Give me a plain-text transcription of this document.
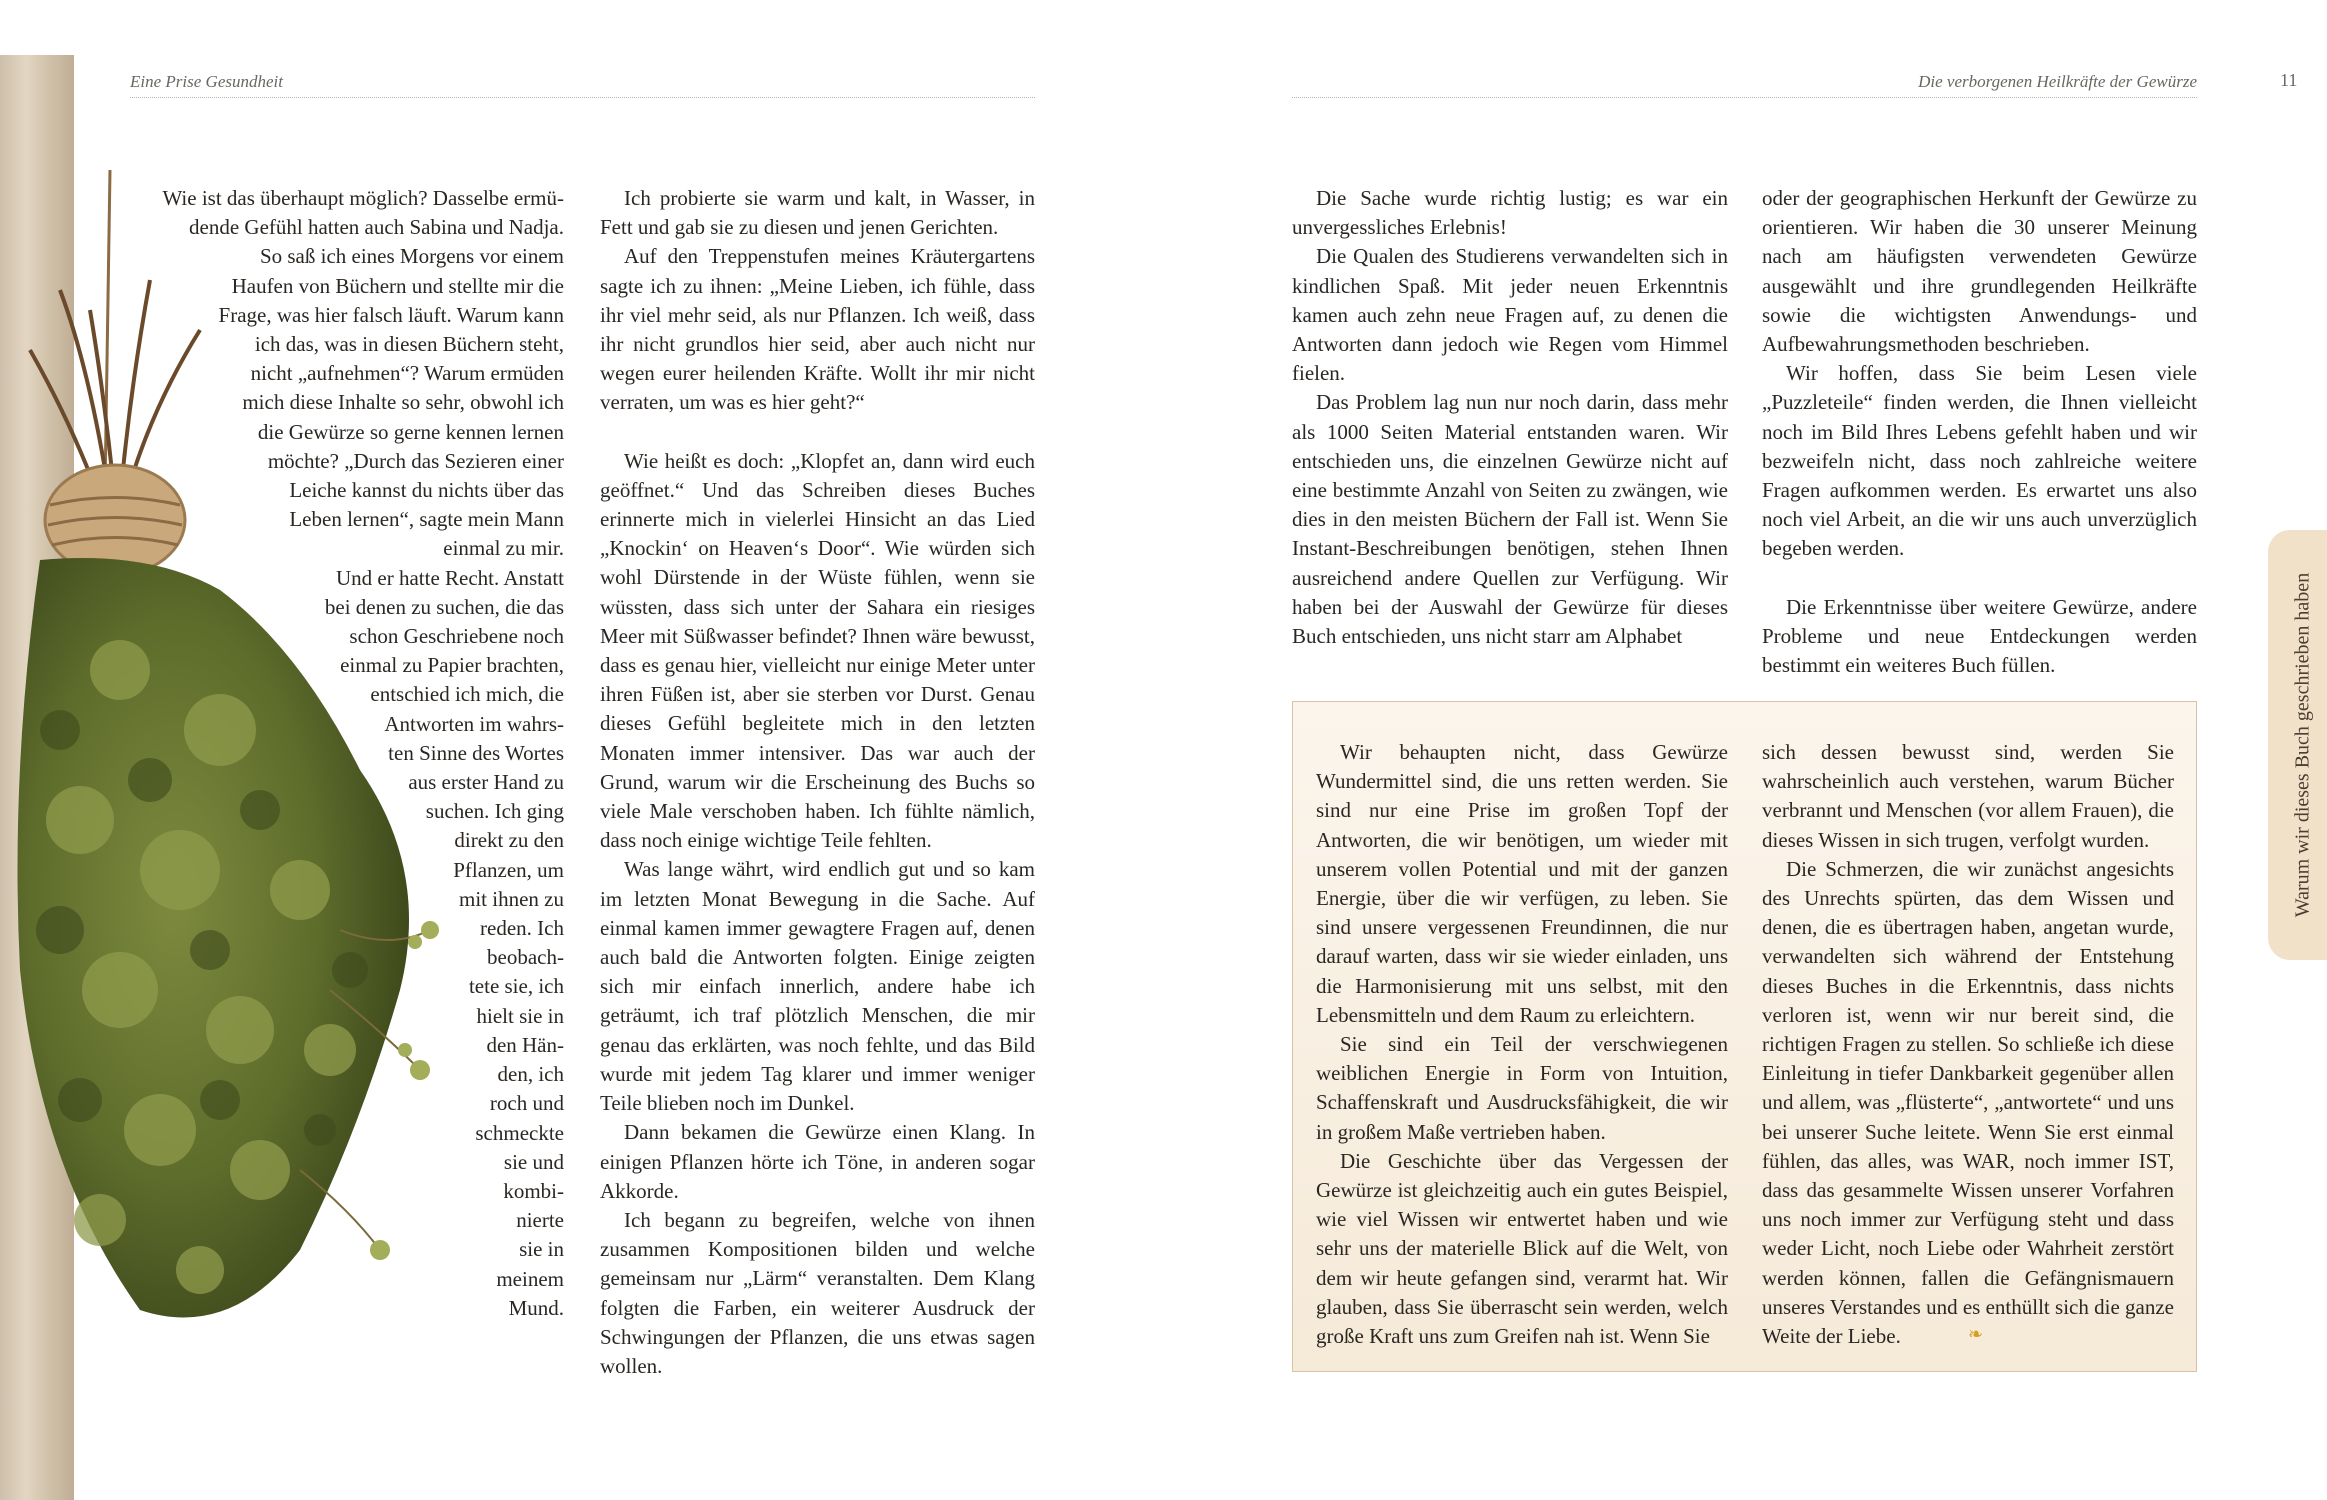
Eine Prise Gesundheit

Wie ist das überhaupt möglich? Dasselbe ermü-

dende Gefühl hatten auch Sabina und Nadja.

So saß ich eines Morgens vor einem

Haufen von Büchern und stellte mir die

Frage, was hier falsch läuft. Warum kann

ich das, was in diesen Büchern steht,

nicht „aufnehmen“? Warum ermüden

mich diese Inhalte so sehr, obwohl ich

die Gewürze so gerne kennen lernen

möchte? „Durch das Sezieren einer

Leiche kannst du nichts über das

Leben lernen“, sagte mein Mann

einmal zu mir.

Und er hatte Recht. Anstatt

bei denen zu suchen, die das

schon Geschriebene noch

einmal zu Papier brachten,

entschied ich mich, die

Antworten im wahrs-

ten Sinne des Wortes

aus erster Hand zu

suchen. Ich ging

direkt zu den

Pflanzen, um

mit ihnen zu

reden. Ich

beobach-

tete sie, ich

hielt sie in

den Hän-

den, ich

roch und

schmeckte

sie und

kombi-

nierte

sie in

meinem

Mund.

Ich probierte sie warm und kalt, in Wasser, in Fett und gab sie zu diesen und jenen Gerichten.

Auf den Treppenstufen meines Kräutergartens sagte ich zu ihnen: „Meine Lieben, ich fühle, dass ihr viel mehr seid, als nur Pflanzen. Ich weiß, dass ihr nicht grundlos hier seid, aber auch nicht nur wegen eurer heilenden Kräfte. Wollt ihr mir nicht verraten, um was es hier geht?“

Wie heißt es doch: „Klopfet an, dann wird euch geöffnet.“ Und das Schreiben dieses Buches erinnerte mich in vielerlei Hinsicht an das Lied „Knockin‘ on Heaven‘s Door“. Wie würden sich wohl Dürstende in der Wüste fühlen, wenn sie wüssten, dass sich unter der Sahara ein riesiges Meer mit Süßwasser befindet? Ihnen wäre bewusst, dass es genau hier, vielleicht nur einige Meter unter ihren Füßen ist, aber sie sterben vor Durst. Genau dieses Gefühl begleitete mich in den letzten Monaten immer intensiver. Das war auch der Grund, warum wir die Erscheinung des Buchs so viele Male verschoben haben. Ich fühlte nämlich, dass noch einige wichtige Teile fehlten.

Was lange währt, wird endlich gut und so kam im letzten Monat Bewegung in die Sache. Auf einmal kamen immer gewagtere Fragen auf, denen auch bald die Antworten folgten. Einige zeigten sich mir einfach innerlich, andere habe ich geträumt, ich traf plötzlich Menschen, die mir genau das erklärten, was noch fehlte, und das Bild wurde mit jedem Tag klarer und immer weniger Teile blieben noch im Dunkel.

Dann bekamen die Gewürze einen Klang. In einigen Pflanzen hörte ich Töne, in anderen sogar Akkorde.

Ich begann zu begreifen, welche von ihnen zusammen Kompositionen bilden und welche gemeinsam nur „Lärm“ veranstalten. Dem Klang folgten die Farben, ein weiterer Ausdruck der Schwingungen der Pflanzen, die uns etwas sagen wollen.

Die verborgenen Heilkräfte der Gewürze	11

Die Sache wurde richtig lustig; es war ein unvergessliches Erlebnis!

Die Qualen des Studierens verwandelten sich in kindlichen Spaß. Mit jeder neuen Erkenntnis kamen auch zehn neue Fragen auf, zu denen die Antworten dann jedoch wie Regen vom Himmel fielen.

Das Problem lag nun nur noch darin, dass mehr als 1000 Seiten Material entstanden waren. Wir entschieden uns, die einzelnen Gewürze nicht auf eine bestimmte Anzahl von Seiten zu zwängen, wie dies in den meisten Büchern der Fall ist. Wenn Sie Instant-Beschreibungen benötigen, stehen Ihnen ausreichend andere Quellen zur Verfügung. Wir haben bei der Auswahl der Gewürze für dieses Buch entschieden, uns nicht starr am Alphabet

oder der geographischen Herkunft der Gewürze zu orientieren. Wir haben die 30 unserer Meinung nach am häufigsten verwendeten Gewürze ausgewählt und ihre grundlegenden Heilkräfte sowie die wichtigsten Anwendungs- und Aufbewahrungsmethoden beschrieben.

Wir hoffen, dass Sie beim Lesen viele „Puzzleteile“ finden werden, die Ihnen vielleicht noch im Bild Ihres Lebens gefehlt haben und wir bezweifeln nicht, dass noch zahlreiche weitere Fragen aufkommen werden. Es erwartet uns also noch viel Arbeit, an die wir uns auch unverzüglich begeben werden.

Die Erkenntnisse über weitere Gewürze, andere Probleme und neue Entdeckungen werden bestimmt ein weiteres Buch füllen.

Wir behaupten nicht, dass Gewürze Wundermittel sind, die uns retten werden. Sie sind nur eine Prise im großen Topf der Antworten, die wir benötigen, um wieder mit unserem vollen Potential und mit der ganzen Energie, über die wir verfügen, zu leben. Sie sind unsere vergessenen Freundinnen, die nur darauf warten, dass wir sie wieder einladen, uns die Harmonisierung mit uns selbst, mit den Lebensmitteln und dem Raum zu erleichtern.

Sie sind ein Teil der verschwiegenen weiblichen Energie in Form von Intuition, Schaffenskraft und Ausdrucksfähigkeit, die wir in großem Maße vertrieben haben.

Die Geschichte über das Vergessen der Gewürze ist gleichzeitig auch ein gutes Beispiel, wie viel Wissen wir entwertet haben und wie sehr uns der materielle Blick auf die Welt, von dem wir heute gefangen sind, verarmt hat. Wir glauben, dass Sie überrascht sein werden, welch große Kraft uns zum Greifen nah ist. Wenn Sie

sich dessen bewusst sind, werden Sie wahrscheinlich auch verstehen, warum Bücher verbrannt und Menschen (vor allem Frauen), die dieses Wissen in sich trugen, verfolgt wurden.

Die Schmerzen, die wir zunächst angesichts des Unrechts spürten, das dem Wissen und denen, die es übertragen haben, angetan wurde, verwandelten sich während der Entstehung dieses Buches in die Erkenntnis, dass nichts verloren ist, wenn wir nur bereit sind, die richtigen Fragen zu stellen. So schließe ich diese Einleitung in tiefer Dankbarkeit gegenüber allen und allem, was „flüsterte“, „antwortete“ und uns bei unserer Suche leitete. Wenn Sie erst einmal fühlen, das alles, was WAR, noch immer IST, dass das gesammelte Wissen unserer Vorfahren uns noch immer zur Verfügung steht und dass weder Licht, noch Liebe oder Wahrheit zerstört werden können, fallen die Gefängnismauern unseres Verstandes und es enthüllt sich die ganze Weite der Liebe.	❧
Warum wir dieses Buch geschrieben haben
